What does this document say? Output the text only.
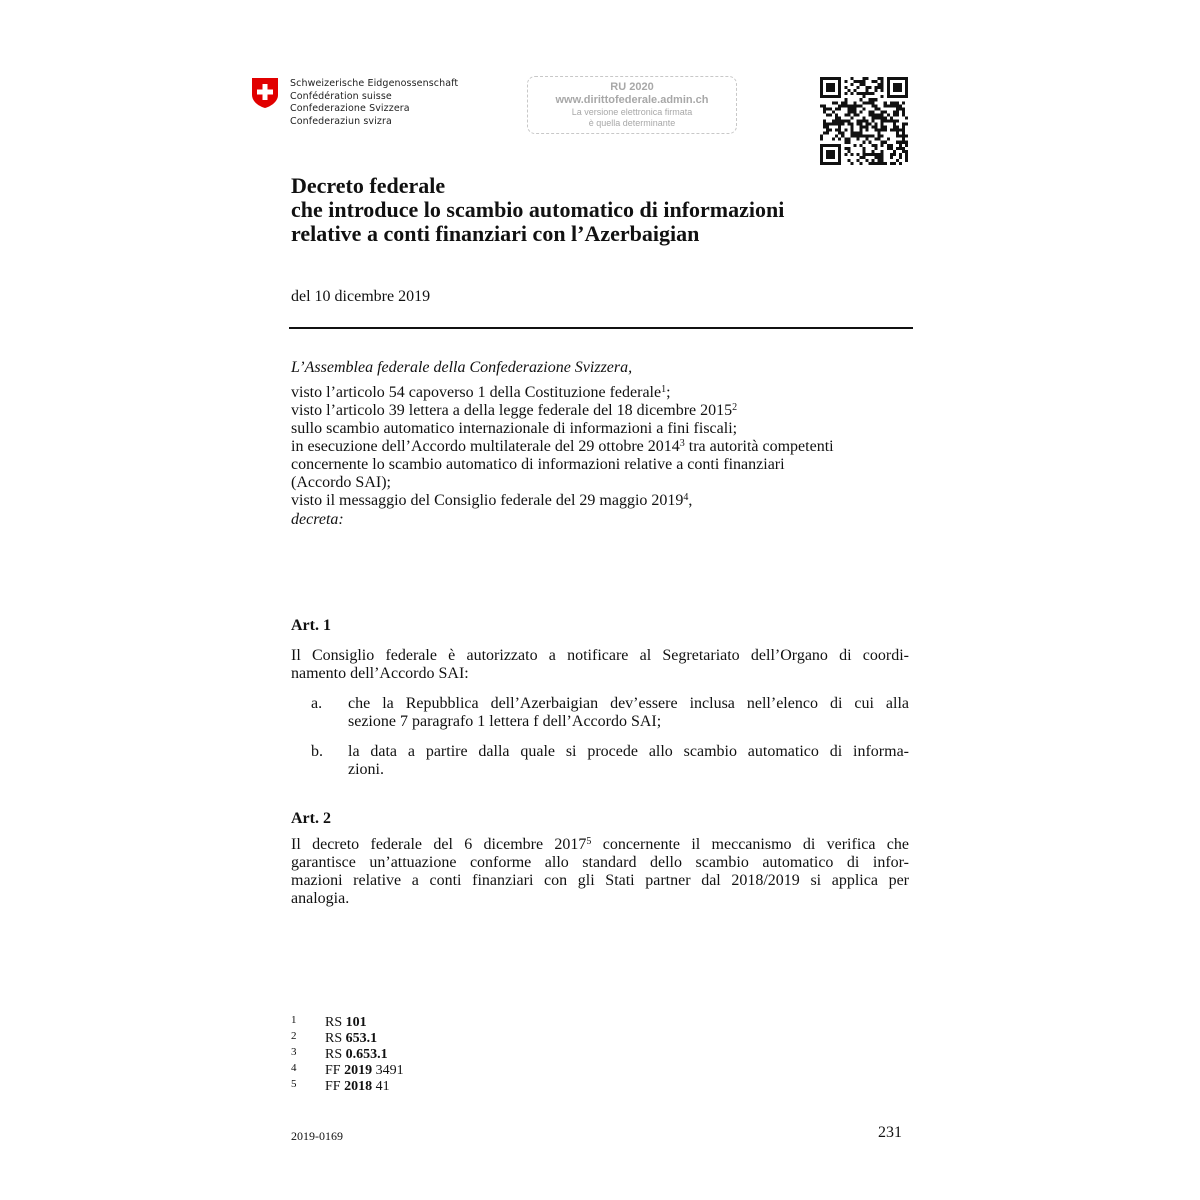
Schweizerische Eidgenossenschaft
Confédération suisse
Confederazione Svizzera
Confederaziun svizra
RU 2020
www.dirittofederale.admin.ch
La versione elettronica firmata
è quella determinante
Decreto federale
che introduce lo scambio automatico di informazioni
relative a conti finanziari con l’Azerbaigian
del 10 dicembre 2019
L’Assemblea federale della Confederazione Svizzera,
visto l’articolo 54 capoverso 1 della Costituzione federale$^1$;
visto l’articolo 39 lettera a della legge federale del 18 dicembre 2015$^2$
sullo scambio automatico internazionale di informazioni a fini fiscali;
in esecuzione dell’Accordo multilaterale del 29 ottobre 2014$^3$ tra autorità competenti
concernente lo scambio automatico di informazioni relative a conti finanziari
(Accordo SAI);
visto il messaggio del Consiglio federale del 29 maggio 2019$^4$,
decreta:
Art. 1
Il Consiglio federale è autorizzato a notificare al Segretariato dell’Organo di coordi-
namento dell’Accordo SAI:
a. che la Repubblica dell’Azerbaigian dev’essere inclusa nell’elenco di cui alla
sezione 7 paragrafo 1 lettera f dell’Accordo SAI;
b. la data a partire dalla quale si procede allo scambio automatico di informa-
zioni.
Art. 2
Il decreto federale del 6 dicembre 2017$^5$ concernente il meccanismo di verifica che
garantisce un’attuazione conforme allo standard dello scambio automatico di infor-
mazioni relative a conti finanziari con gli Stati partner dal 2018/2019 si applica per
analogia.
1 RS 101
2 RS 653.1
3 RS 0.653.1
4 FF 2019 3491
5 FF 2018 41
2019-0169	231
